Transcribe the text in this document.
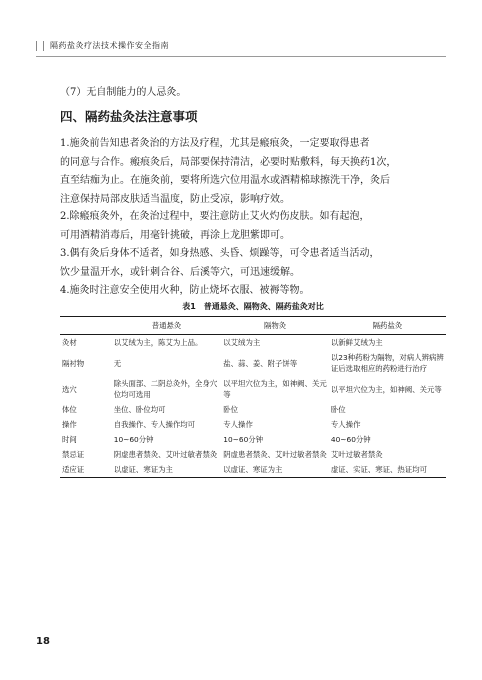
隔药盐灸疗法技术操作安全指南
（7）无自制能力的人忌灸。
四、隔药盐灸法注意事项
1.施灸前告知患者灸治的方法及疗程，尤其是瘢痕灸，一定要取得患者
的同意与合作。瘢痕灸后，局部要保持清洁，必要时贴敷料，每天换药1次，
直至结痂为止。在施灸前，要将所选穴位用温水或酒精棉球擦洗干净，灸后
注意保持局部皮肤适当温度，防止受凉，影响疗效。
2.除瘢痕灸外，在灸治过程中，要注意防止艾火灼伤皮肤。如有起泡，
可用酒精消毒后，用毫针挑破，再涂上龙胆紫即可。
3.偶有灸后身体不适者，如身热感、头昏、烦躁等，可令患者适当活动，
饮少量温开水，或针刺合谷、后溪等穴，可迅速缓解。
4.施灸时注意安全使用火种，防止烧坏衣服、被褥等物。
表1　普通悬灸、隔物灸、隔药盐灸对比
	普通悬灸	隔物灸	隔药盐灸
灸材	以艾绒为主，陈艾为上品。	以艾绒为主	以新鲜艾绒为主
隔衬物	无	盐、蒜、姜、附子饼等	以23种药粉为隔物，对病人辨病辨证后选取相应的药粉进行治疗
选穴	除头面部、二阴总灸外，全身穴位均可选用	以平坦穴位为主，如神阙、关元等	以平坦穴位为主，如神阙、关元等
体位	坐位、卧位均可	卧位	卧位
操作	自我操作、专人操作均可	专人操作	专人操作
时间	10~60分钟	10~60分钟	40~60分钟
禁忌证	阴虚患者禁灸、艾叶过敏者禁灸	阴虚患者禁灸、艾叶过敏者禁灸	艾叶过敏者禁灸
适应证	以虚证、寒证为主	以虚证、寒证为主	虚证、实证、寒证、热证均可
18
